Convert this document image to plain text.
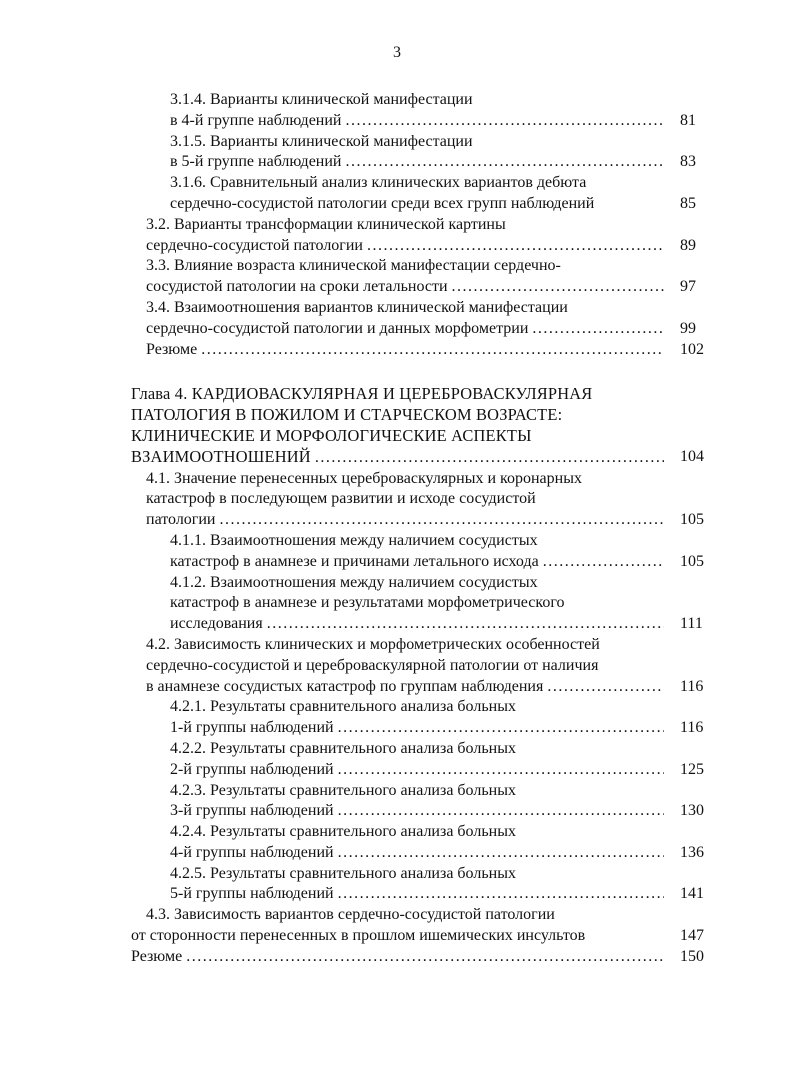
3
3.1.4. Варианты клинической манифестации
в 4-й группе наблюдений .....	81
3.1.5. Варианты клинической манифестации
в 5-й группе наблюдений .....	83
3.1.6. Сравнительный анализ клинических вариантов дебюта
сердечно-сосудистой патологии среди всех групп наблюдений	85
3.2. Варианты трансформации клинической картины
сердечно-сосудистой патологии .....	89
3.3. Влияние возраста клинической манифестации сердечно-
сосудистой патологии на сроки летальности .....	97
3.4. Взаимоотношения вариантов клинической манифестации
сердечно-сосудистой патологии и данных морфометрии .....	99
Резюме .....	102
Глава 4. КАРДИОВАСКУЛЯРНАЯ И ЦЕРЕБРОВАСКУЛЯРНАЯ
ПАТОЛОГИЯ В ПОЖИЛОМ И СТАРЧЕСКОМ ВОЗРАСТЕ:
КЛИНИЧЕСКИЕ И МОРФОЛОГИЧЕСКИЕ АСПЕКТЫ
ВЗАИМООТНОШЕНИЙ .....	104
4.1. Значение перенесенных цереброваскулярных и коронарных
катастроф в последующем развитии и исходе сосудистой
патологии .....	105
4.1.1. Взаимоотношения между наличием сосудистых
катастроф в анамнезе и причинами летального исхода .....	105
4.1.2. Взаимоотношения между наличием сосудистых
катастроф в анамнезе и результатами морфометрического
исследования .....	111
4.2. Зависимость клинических и морфометрических особенностей
сердечно-сосудистой и цереброваскулярной патологии от наличия
в анамнезе сосудистых катастроф по группам наблюдения .....	116
4.2.1. Результаты сравнительного анализа больных
1-й группы наблюдений .....	116
4.2.2. Результаты сравнительного анализа больных
2-й группы наблюдений .....	125
4.2.3. Результаты сравнительного анализа больных
3-й группы наблюдений .....	130
4.2.4. Результаты сравнительного анализа больных
4-й группы наблюдений .....	136
4.2.5. Результаты сравнительного анализа больных
5-й группы наблюдений .....	141
4.3. Зависимость вариантов сердечно-сосудистой патологии
от сторонности перенесенных в прошлом ишемических инсультов	147
Резюме .....	150
